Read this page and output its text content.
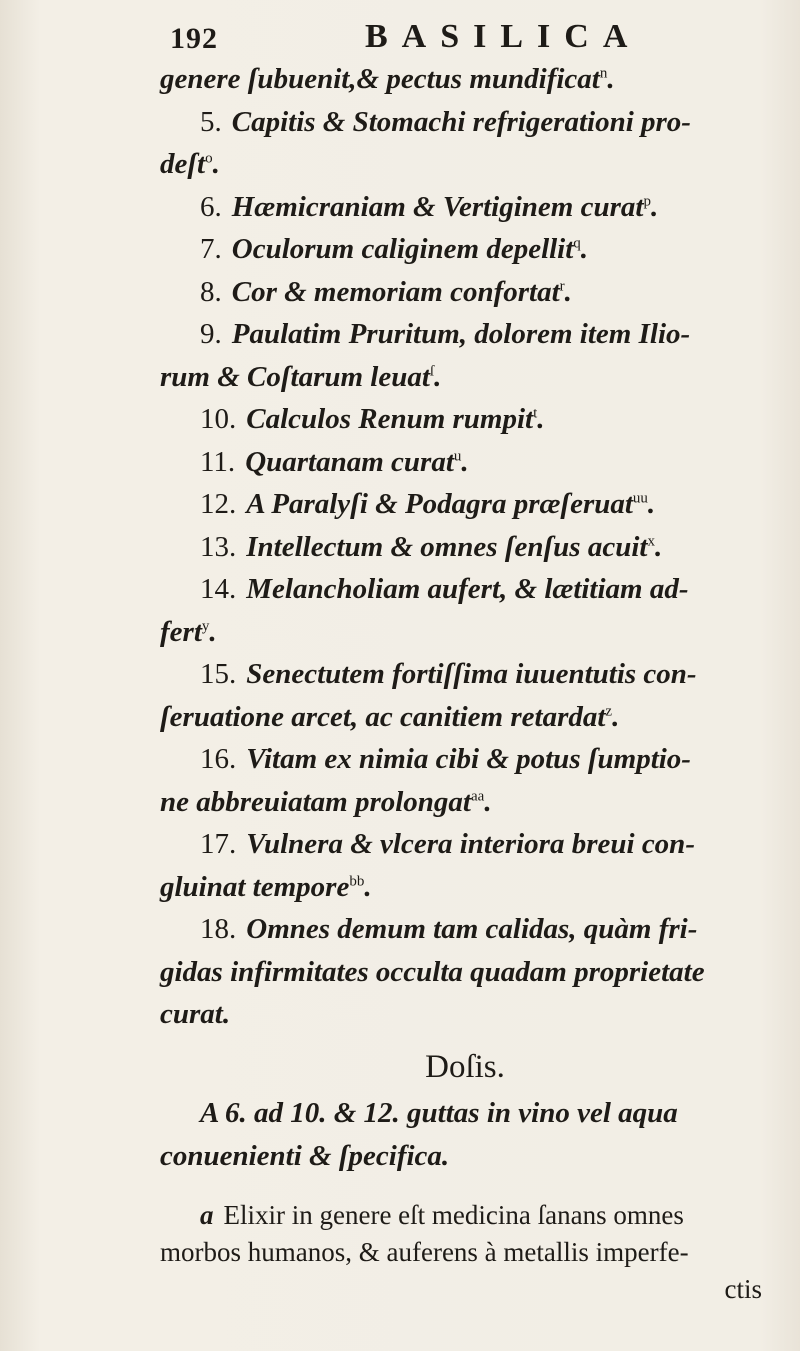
192	BASILICA
genere ſubuenit,& pectus mundificat$^n$.
5. Capitis & Stomachi refrigerationi pro-
deſt$^o$.
6. Hæmicraniam & Vertiginem curat$^p$.
7. Oculorum caliginem depellit$^q$.
8. Cor & memoriam confortat$^r$.
9. Paulatim Pruritum, dolorem item Ilio-
rum & Coſtarum leuat$^ſ$.
10. Calculos Renum rumpit$^t$.
11. Quartanam curat$^u$.
12. A Paralyſi & Podagra præſeruat$^{uu}$.
13. Intellectum & omnes ſenſus acuit$^x$.
14. Melancholiam aufert, & lætitiam ad-
fert$^y$.
15. Senectutem fortiſſima iuuentutis con-
ſeruatione arcet, ac canitiem retardat$^z$.
16. Vitam ex nimia cibi & potus ſumptio-
ne abbreuiatam prolongat$^{aa}$.
17. Vulnera & vlcera interiora breui con-
gluinat tempore$^{bb}$.
18. Omnes demum tam calidas, quàm fri-
gidas infirmitates occulta quadam proprietate
curat.
Doſis.
A 6. ad 10. & 12. guttas in vino vel aqua
conuenienti & ſpecifica.
a Elixir in genere eſt medicina ſanans omnes
morbos humanos, & auferens à metallis imperfe-
ctis
